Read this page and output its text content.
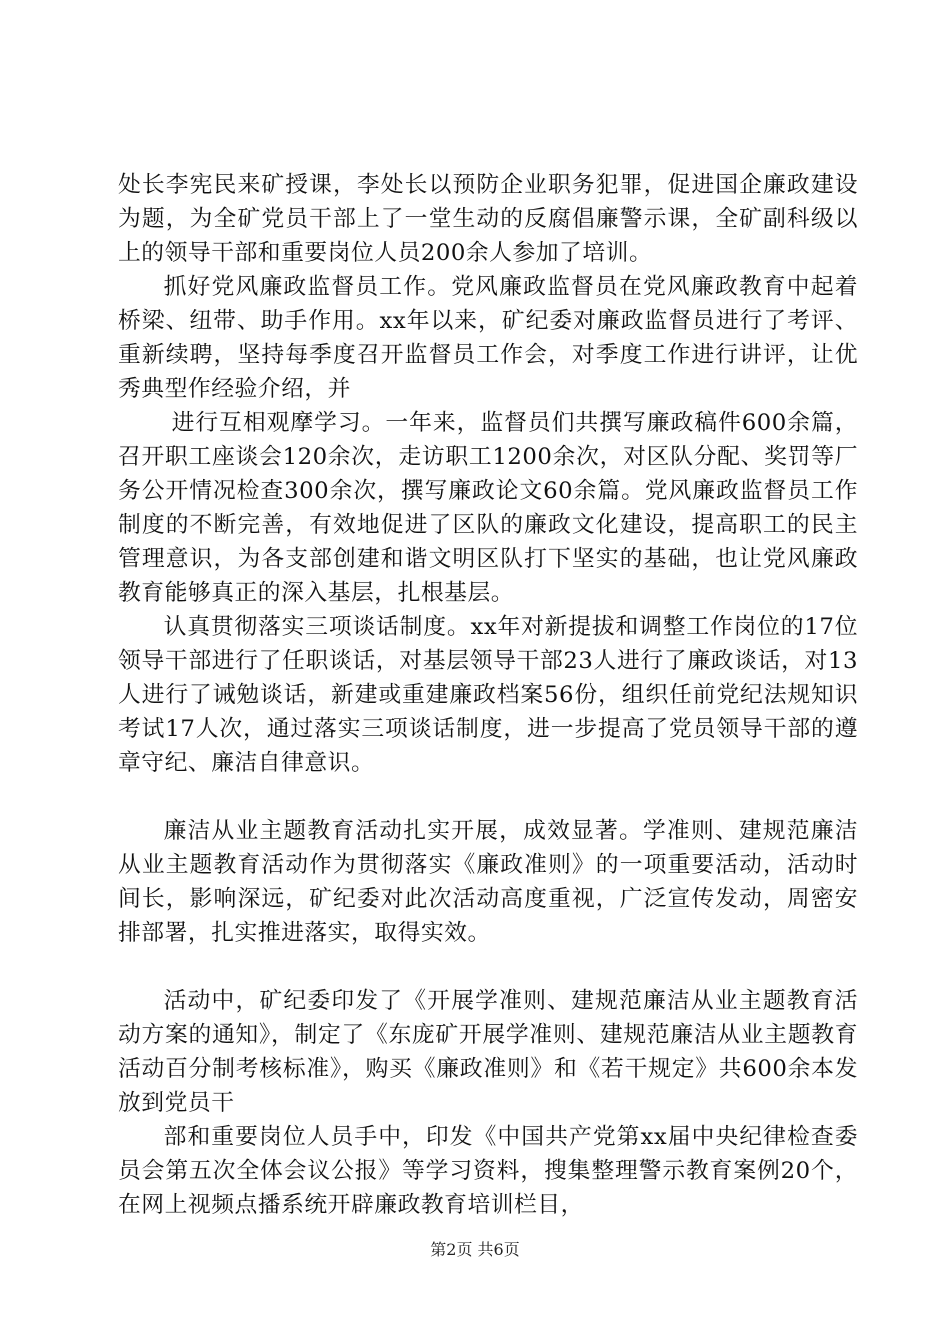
处长李宪民来矿授课，李处长以预防企业职务犯罪，促进国企廉政建设为题，为全矿党员干部上了一堂生动的反腐倡廉警示课，全矿副科级以上的领导干部和重要岗位人员200余人参加了培训。

抓好党风廉政监督员工作。党风廉政监督员在党风廉政教育中起着桥梁、纽带、助手作用。xx年以来，矿纪委对廉政监督员进行了考评、重新续聘，坚持每季度召开监督员工作会，对季度工作进行讲评，让优秀典型作经验介绍，并

进行互相观摩学习。一年来，监督员们共撰写廉政稿件600余篇，召开职工座谈会120余次，走访职工1200余次，对区队分配、奖罚等厂务公开情况检查300余次，撰写廉政论文60余篇。党风廉政监督员工作制度的不断完善，有效地促进了区队的廉政文化建设，提高职工的民主管理意识，为各支部创建和谐文明区队打下坚实的基础，也让党风廉政教育能够真正的深入基层，扎根基层。

认真贯彻落实三项谈话制度。xx年对新提拔和调整工作岗位的17位领导干部进行了任职谈话，对基层领导干部23人进行了廉政谈话，对13人进行了诫勉谈话，新建或重建廉政档案56份，组织任前党纪法规知识考试17人次，通过落实三项谈话制度，进一步提高了党员领导干部的遵章守纪、廉洁自律意识。

廉洁从业主题教育活动扎实开展，成效显著。学准则、建规范廉洁从业主题教育活动作为贯彻落实《廉政准则》的一项重要活动，活动时间长，影响深远，矿纪委对此次活动高度重视，广泛宣传发动，周密安排部署，扎实推进落实，取得实效。

活动中，矿纪委印发了《开展学准则、建规范廉洁从业主题教育活动方案的通知》，制定了《东庞矿开展学准则、建规范廉洁从业主题教育活动百分制考核标准》，购买《廉政准则》和《若干规定》共600余本发放到党员干

部和重要岗位人员手中，印发《中国共产党第xx届中央纪律检查委员会第五次全体会议公报》等学习资料，搜集整理警示教育案例20个，在网上视频点播系统开辟廉政教育培训栏目，

第2页 共6页
